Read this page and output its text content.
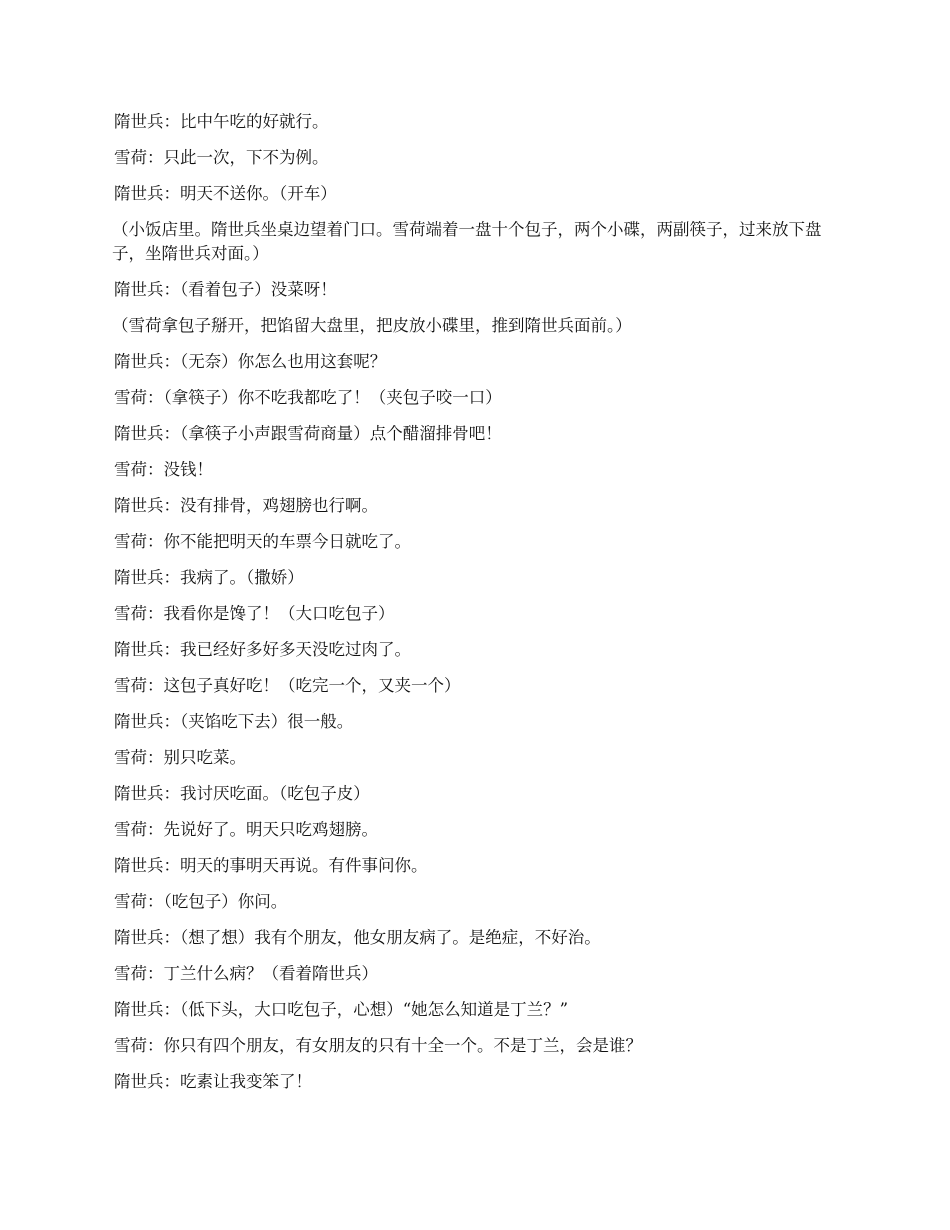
隋世兵：比中午吃的好就行。

雪荷：只此一次，下不为例。

隋世兵：明天不送你。（开车）

（小饭店里。隋世兵坐桌边望着门口。雪荷端着一盘十个包子，两个小碟，两副筷子，过来放下盘子，坐隋世兵对面。）

隋世兵：（看着包子）没菜呀！

（雪荷拿包子掰开，把馅留大盘里，把皮放小碟里，推到隋世兵面前。）

隋世兵：（无奈）你怎么也用这套呢？

雪荷：（拿筷子）你不吃我都吃了！（夹包子咬一口）

隋世兵：（拿筷子小声跟雪荷商量）点个醋溜排骨吧！

雪荷：没钱！

隋世兵：没有排骨，鸡翅膀也行啊。

雪荷：你不能把明天的车票今日就吃了。

隋世兵：我病了。（撒娇）

雪荷：我看你是馋了！（大口吃包子）

隋世兵：我已经好多好多天没吃过肉了。

雪荷：这包子真好吃！（吃完一个，又夹一个）

隋世兵：（夹馅吃下去）很一般。

雪荷：别只吃菜。

隋世兵：我讨厌吃面。（吃包子皮）

雪荷：先说好了。明天只吃鸡翅膀。

隋世兵：明天的事明天再说。有件事问你。

雪荷：（吃包子）你问。

隋世兵：（想了想）我有个朋友，他女朋友病了。是绝症，不好治。

雪荷：丁兰什么病？（看着隋世兵）

隋世兵：（低下头，大口吃包子，心想）“她怎么知道是丁兰？”

雪荷：你只有四个朋友，有女朋友的只有十全一个。不是丁兰，会是谁？

隋世兵：吃素让我变笨了！
